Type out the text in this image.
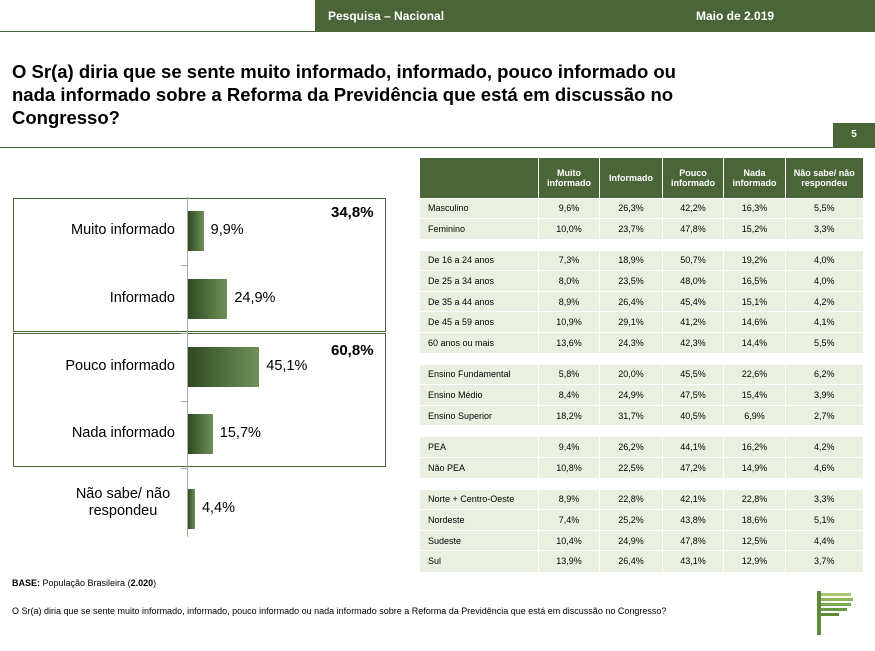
Pesquisa – Nacional	Maio de 2.019
O Sr(a) diria que se sente muito informado, informado, pouco informado ou nada informado sobre a Reforma da Previdência que está em discussão no Congresso?
5
34,8%
60,8%
Muito informado 9,9%
Informado	24,9%
Pouco informado	45,1%
Nada informado	15,7%
Não sabe/ não respondeu	4,4%
	Muito informado	Informado	Pouco informado	Nada informado	Não sabe/ não respondeu
Masculino	9,6%	26,3%	42,2%	16,3%	5,5%
Feminino	10,0%	23,7%	47,8%	15,2%	3,3%

De 16 a 24 anos	7,3%	18,9%	50,7%	19,2%	4,0%
De 25 a 34 anos	8,0%	23,5%	48,0%	16,5%	4,0%
De 35 a 44 anos	8,9%	26,4%	45,4%	15,1%	4,2%
De 45 a 59 anos	10,9%	29,1%	41,2%	14,6%	4,1%
60 anos ou mais	13,6%	24,3%	42,3%	14,4%	5,5%

Ensino Fundamental	5,8%	20,0%	45,5%	22,6%	6,2%
Ensino Médio	8,4%	24,9%	47,5%	15,4%	3,9%
Ensino Superior	18,2%	31,7%	40,5%	6,9%	2,7%

PEA	9,4%	26,2%	44,1%	16,2%	4,2%
Não PEA	10,8%	22,5%	47,2%	14,9%	4,6%

Norte + Centro-Oeste	8,9%	22,8%	42,1%	22,8%	3,3%
Nordeste	7,4%	25,2%	43,8%	18,6%	5,1%
Sudeste	10,4%	24,9%	47,8%	12,5%	4,4%
Sul	13,9%	26,4%	43,1%	12,9%	3,7%
BASE: População Brasileira (2.020)
O Sr(a) diria que se sente muito informado, informado, pouco informado ou nada informado sobre a Reforma da Previdência que está em discussão no Congresso?
